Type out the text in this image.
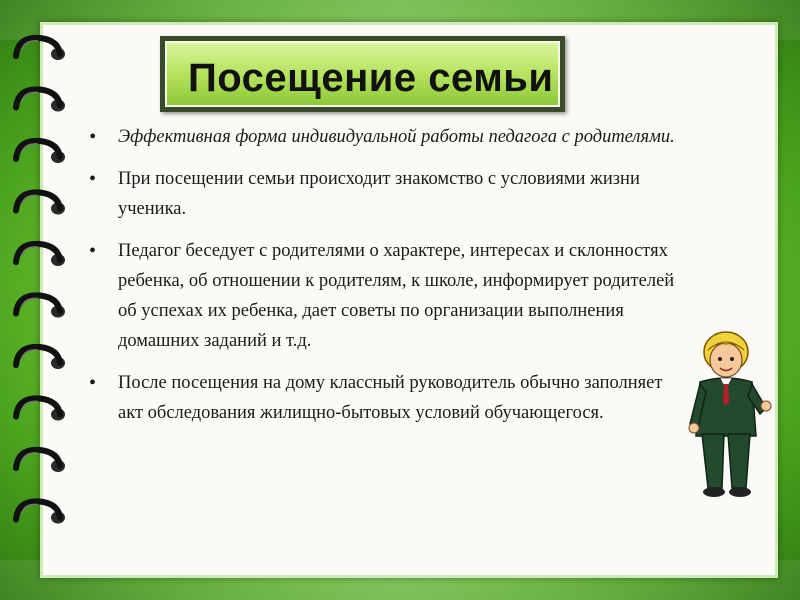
Посещение семьи
• Эффективная форма индивидуальной работы педагога с родителями.
• При посещении семьи происходит знакомство с условиями жизни ученика.
• Педагог беседует с родителями о характере, интересах и склонностях ребенка, об отношении к родителям, к школе, информирует родителей об успехах их ребенка, дает советы по организации выполнения домашних заданий и т.д.
• После посещения на дому классный руководитель обычно заполняет акт обследования жилищно-бытовых условий обучающегося.
